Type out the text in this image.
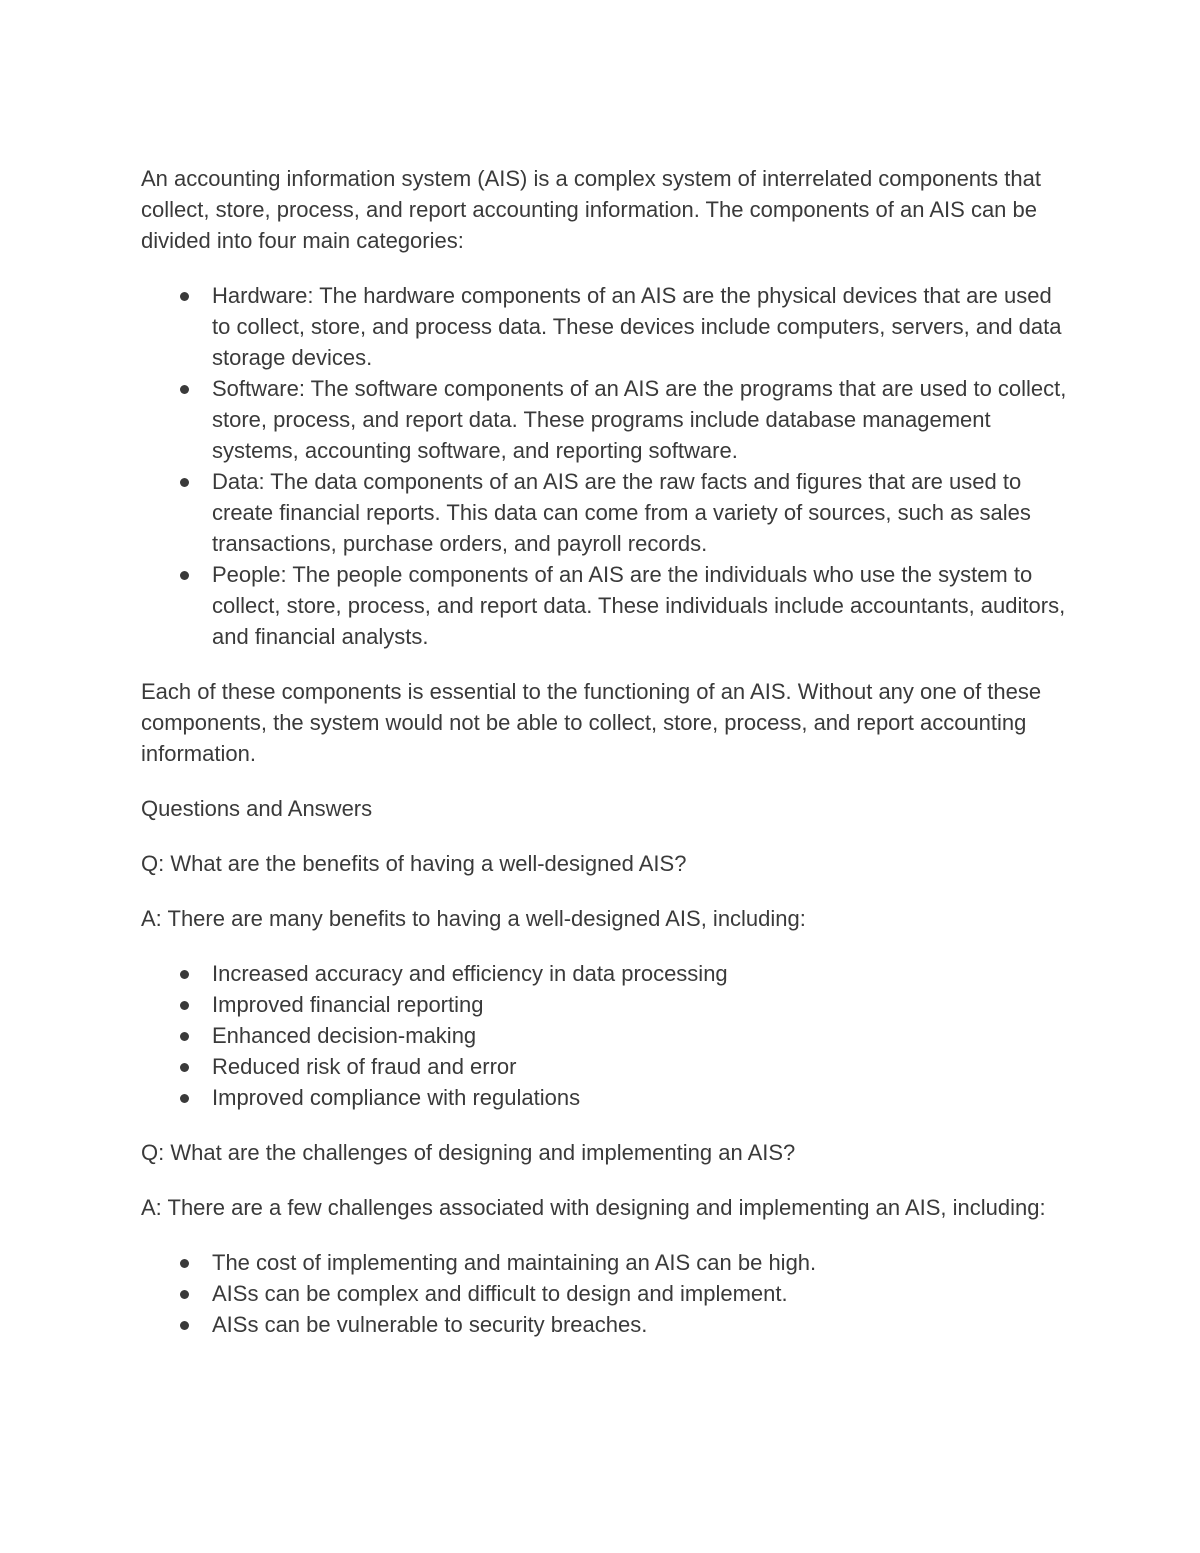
An accounting information system (AIS) is a complex system of interrelated components that collect, store, process, and report accounting information. The components of an AIS can be divided into four main categories:

Hardware: The hardware components of an AIS are the physical devices that are used to collect, store, and process data. These devices include computers, servers, and data storage devices.
Software: The software components of an AIS are the programs that are used to collect, store, process, and report data. These programs include database management systems, accounting software, and reporting software.
Data: The data components of an AIS are the raw facts and figures that are used to create financial reports. This data can come from a variety of sources, such as sales transactions, purchase orders, and payroll records.
People: The people components of an AIS are the individuals who use the system to collect, store, process, and report data. These individuals include accountants, auditors, and financial analysts.

Each of these components is essential to the functioning of an AIS. Without any one of these components, the system would not be able to collect, store, process, and report accounting information.

Questions and Answers

Q: What are the benefits of having a well-designed AIS?

A: There are many benefits to having a well-designed AIS, including:

Increased accuracy and efficiency in data processing
Improved financial reporting
Enhanced decision-making
Reduced risk of fraud and error
Improved compliance with regulations

Q: What are the challenges of designing and implementing an AIS?

A: There are a few challenges associated with designing and implementing an AIS, including:

The cost of implementing and maintaining an AIS can be high.
AISs can be complex and difficult to design and implement.
AISs can be vulnerable to security breaches.
